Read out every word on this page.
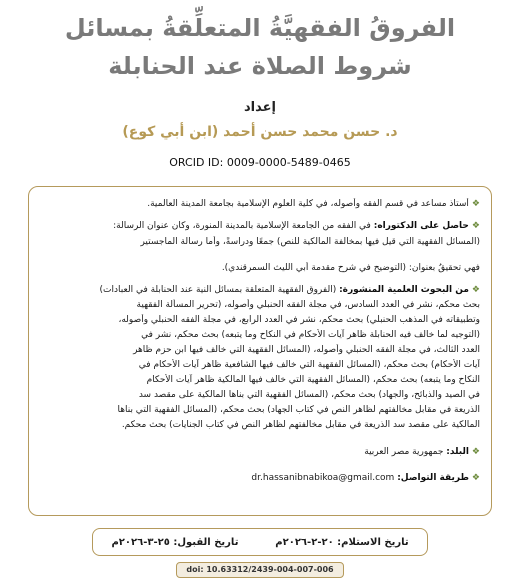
الفروقُ الفقهيَّةُ المتعلِّقةُ بمسائل
شروط الصلاة عند الحنابلة
إعداد
د. حسن محمد حسن أحمد (ابن أبي كوع)
ORCID ID: 0009-0000-5489-0465
❖أستاذ مساعد في قسم الفقه وأصوله، في كلية العلوم الإسلامية بجامعة المدينة العالمية.
❖حاصل على الدكتوراه: في الفقه من الجامعة الإسلامية بالمدينة المنورة، وكان عنوان الرسالة:
(المسائل الفقهية التي قيل فيها بمخالفة المالكية للنص) جمعًا ودراسةً، وأما رسالة الماجستير
فهي تحقيقُ بعنوان: (التوضيح في شرح مقدمة أبي الليث السمرقندي).
❖من البحوث العلمية المنشورة: (الفروق الفقهية المتعلقة بمسائل النية عند الحنابلة في العبادات)
بحث محكم، نشر في العدد السادس، في مجلة الفقه الحنبلي وأصوله، (تحرير المسألة الفقهية
وتطبيقاته في المذهب الحنبلي) بحث محكم، نشر في العدد الرابع، في مجلة الفقه الحنبلي وأصوله،
(التوجيه لما خالف فيه الحنابلة ظاهر آيات الأحكام في النكاح وما يتبعه) بحث محكم، نشر في
العدد الثالث، في مجلة الفقه الحنبلي وأصوله، (المسائل الفقهية التي خالف فيها ابن حزم ظاهر
آيات الأحكام) بحث محكم، (المسائل الفقهية التي خالف فيها الشافعية ظاهر آيات الأحكام في
النكاح وما يتبعه) بحث محكم، (المسائل الفقهية التي خالف فيها المالكية ظاهر آيات الأحكام
في الصيد والذبائح، والجهاد) بحث محكم، (المسائل الفقهية التي بناها المالكية على مقصد سد
الذريعة في مقابل مخالفتهم لظاهر النص في كتاب الجهاد) بحث محكم، (المسائل الفقهية التي بناها
المالكية على مقصد سد الذريعة في مقابل مخالفتهم لظاهر النص في كتاب الجنايات) بحث محكم.
❖البلد: جمهورية مصر العربية
❖طريقة التواصل: dr.hassanibnabikoa@gmail.com
تاريخ الاستلام: ٢٠-٢-٢٠٢٦م
تاريخ القبول: ٢٥-٣-٢٠٢٦م
doi: 10.63312/2439-004-007-006
